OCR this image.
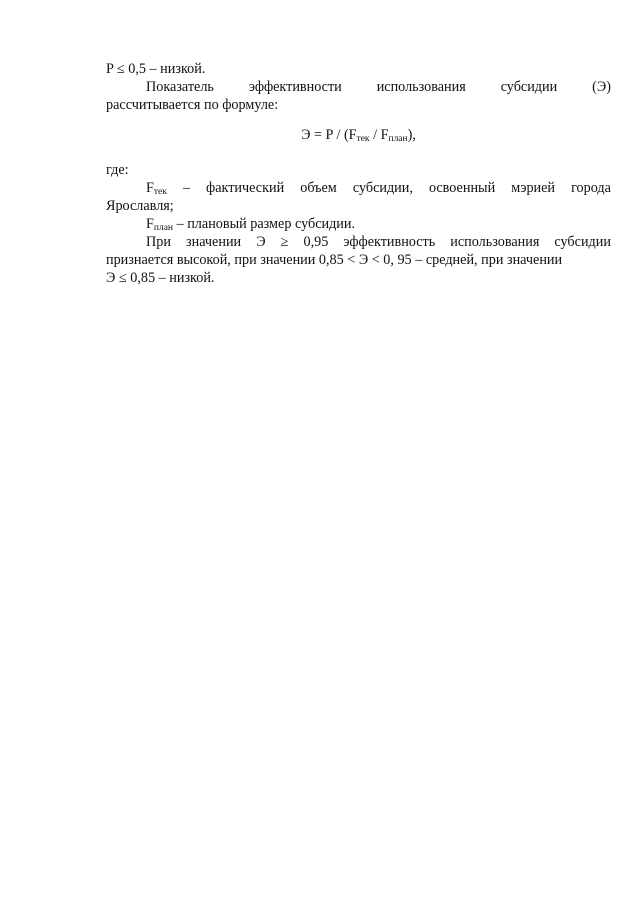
P ≤ 0,5 – низкой.
Показатель эффективности использования субсидии (Э)
рассчитывается по формуле:
$Э = P / (F_{тек} / F_{план})$,
где:
$F_{тек}$ – фактический объем субсидии, освоенный мэрией города
Ярославля;
$F_{план}$ – плановый размер субсидии.
При значении Э ≥ 0,95 эффективность использования субсидии
признается высокой, при значении 0,85 < Э < 0, 95 – средней, при значении
Э ≤ 0,85 – низкой.
